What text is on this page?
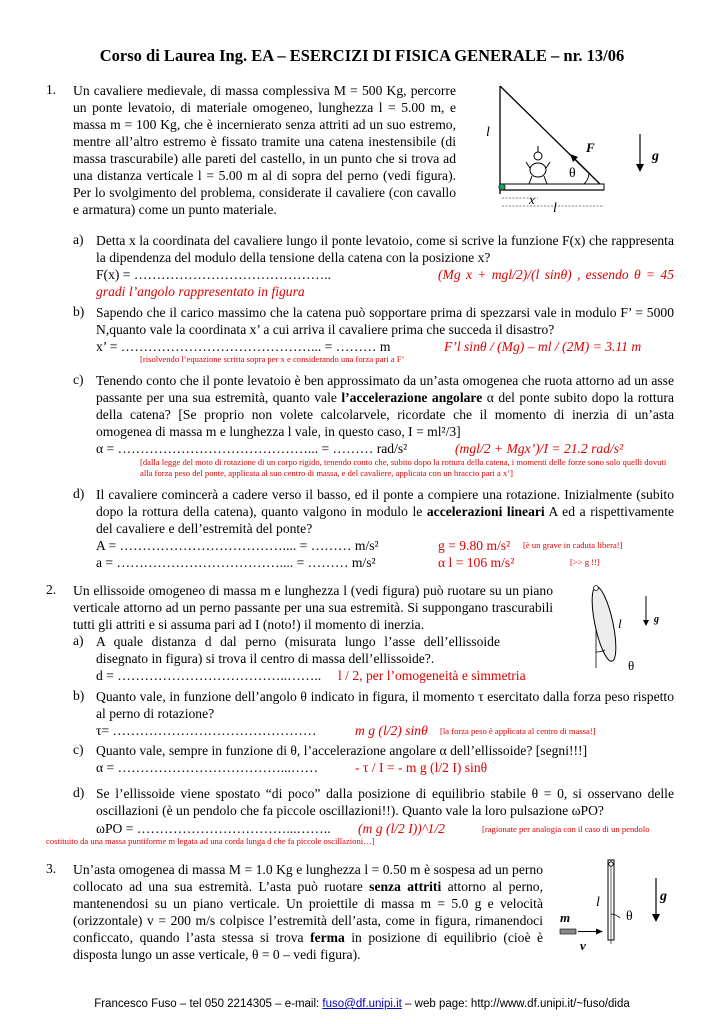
Corso di Laurea Ing. EA – ESERCIZI DI FISICA GENERALE – nr. 13/06
1. Un cavaliere medievale, di massa complessiva M = 500 Kg, percorre un ponte levatoio, di materiale omogeneo, lunghezza l = 5.00 m, e massa m = 100 Kg, che è incernierato senza attriti ad un suo estremo, mentre all’altro estremo è fissato tramite una catena inestensibile (di massa trascurabile) alle pareti del castello, in un punto che si trova ad una distanza verticale l = 5.00 m al di sopra del perno (vedi figura). Per lo svolgimento del problema, considerate il cavaliere (con cavallo e armatura) come un punto materiale.
l
F
θ
x
l
g
a) Detta x la coordinata del cavaliere lungo il ponte levatoio, come si scrive la funzione F(x) che rappresenta la dipendenza del modulo della tensione della catena con la posizione x?
F(x) = ……………………………………..	(Mg x + mgl/2)/(l sinθ) , essendo θ = 45 gradi l’angolo rappresentato in figura
b) Sapendo che il carico massimo che la catena può sopportare prima di spezzarsi vale in modulo F’ = 5000 N,quanto vale la coordinata x’ a cui arriva il cavaliere prima che succeda il disastro?
x’ = ……………………………………... = ……… m	F’l sinθ / (Mg) – ml / (2M) = 3.11 m
[risolvendo l’equazione scritta sopra per x e considerando una forza pari a F’
c) Tenendo conto che il ponte levatoio è ben approssimato da un’asta omogenea che ruota attorno ad un asse passante per una sua estremità, quanto vale l’accelerazione angolare α del ponte subito dopo la rottura della catena? [Se proprio non volete calcolarvele, ricordate che il momento di inerzia di un’asta omogenea di massa m e lunghezza l vale, in questo caso, I = ml²/3]
α = ……………………………………... = ……… rad/s²	(mgl/2 + Mgx’)/I = 21.2 rad/s²
[dalla legge del moto di rotazione di un corpo rigido, tenendo conto che, subito dopo la rottura della catena, i momenti delle forze sono solo quelli dovuti alla forza peso del ponte, applicata al suo centro di massa, e del cavaliere, applicata con un braccio pari a x’]
d) Il cavaliere comincerà a cadere verso il basso, ed il ponte a compiere una rotazione. Inizialmente (subito dopo la rottura della catena), quanto valgono in modulo le accelerazioni lineari A ed a rispettivamente del cavaliere e dell’estremità del ponte?
A = ……………………………….... = ……… m/s²	g = 9.80 m/s² [è un grave in caduta libera!]
a = ……………………………….... = ……… m/s²	α l = 106 m/s²	[>> g !!]
2. Un ellissoide omogeneo di massa m e lunghezza l (vedi figura) può ruotare su un piano verticale attorno ad un perno passante per una sua estremità. Si suppongano trascurabili tutti gli attriti e si assuma pari ad I (noto!) il momento di inerzia.	l
θ
g
a) A quale distanza d dal perno (misurata lungo l’asse dell’ellissoide disegnato in figura) si trova il centro di massa dell’ellissoide?.
d = ………………………………..…….. l / 2, per l’omogeneità e simmetria
b) Quanto vale, in funzione dell’angolo θ indicato in figura, il momento τ esercitato dalla forza peso rispetto al perno di rotazione?
τ= ………………………………………	m g (l/2) sinθ [la forza peso è applicata al centro di massa!]
c) Quanto vale, sempre in funzione di θ, l’accelerazione angolare α dell’ellissoide? [segni!!!]
α = ………………………………...……	- τ / I = - m g (l/2 I) sinθ
d) Se l’ellissoide viene spostato “di poco” dalla posizione di equilibrio stabile θ = 0, si osservano delle oscillazioni (è un pendolo che fa piccole oscillazioni!!). Quanto vale la loro pulsazione ωPO?
ωPO = ……………………………...…….. (m g (l/2 I))^1/2	[ragionate per analogia con il caso di un pendolo
costituito da una massa puntiforme m legata ad una corda lunga d che fa piccole oscillazioni…]
3. Un’asta omogenea di massa M = 1.0 Kg e lunghezza l = 0.50 m è sospesa ad un perno collocato ad una sua estremità. L’asta può ruotare senza attriti attorno al perno, mantenendosi su un piano verticale. Un proiettile di massa m = 5.0 g e velocità (orizzontale) v = 200 m/s colpisce l’estremità dell’asta, come in figura, rimanendoci conficcato, quando l’asta stessa si trova ferma in posizione di equilibrio (cioè è disposta lungo un asse verticale, θ = 0 – vedi figura).
l
θ
m
v
g
Francesco Fuso – tel 050 2214305 – e-mail: fuso@df.unipi.it – web page: http://www.df.unipi.it/~fuso/dida
